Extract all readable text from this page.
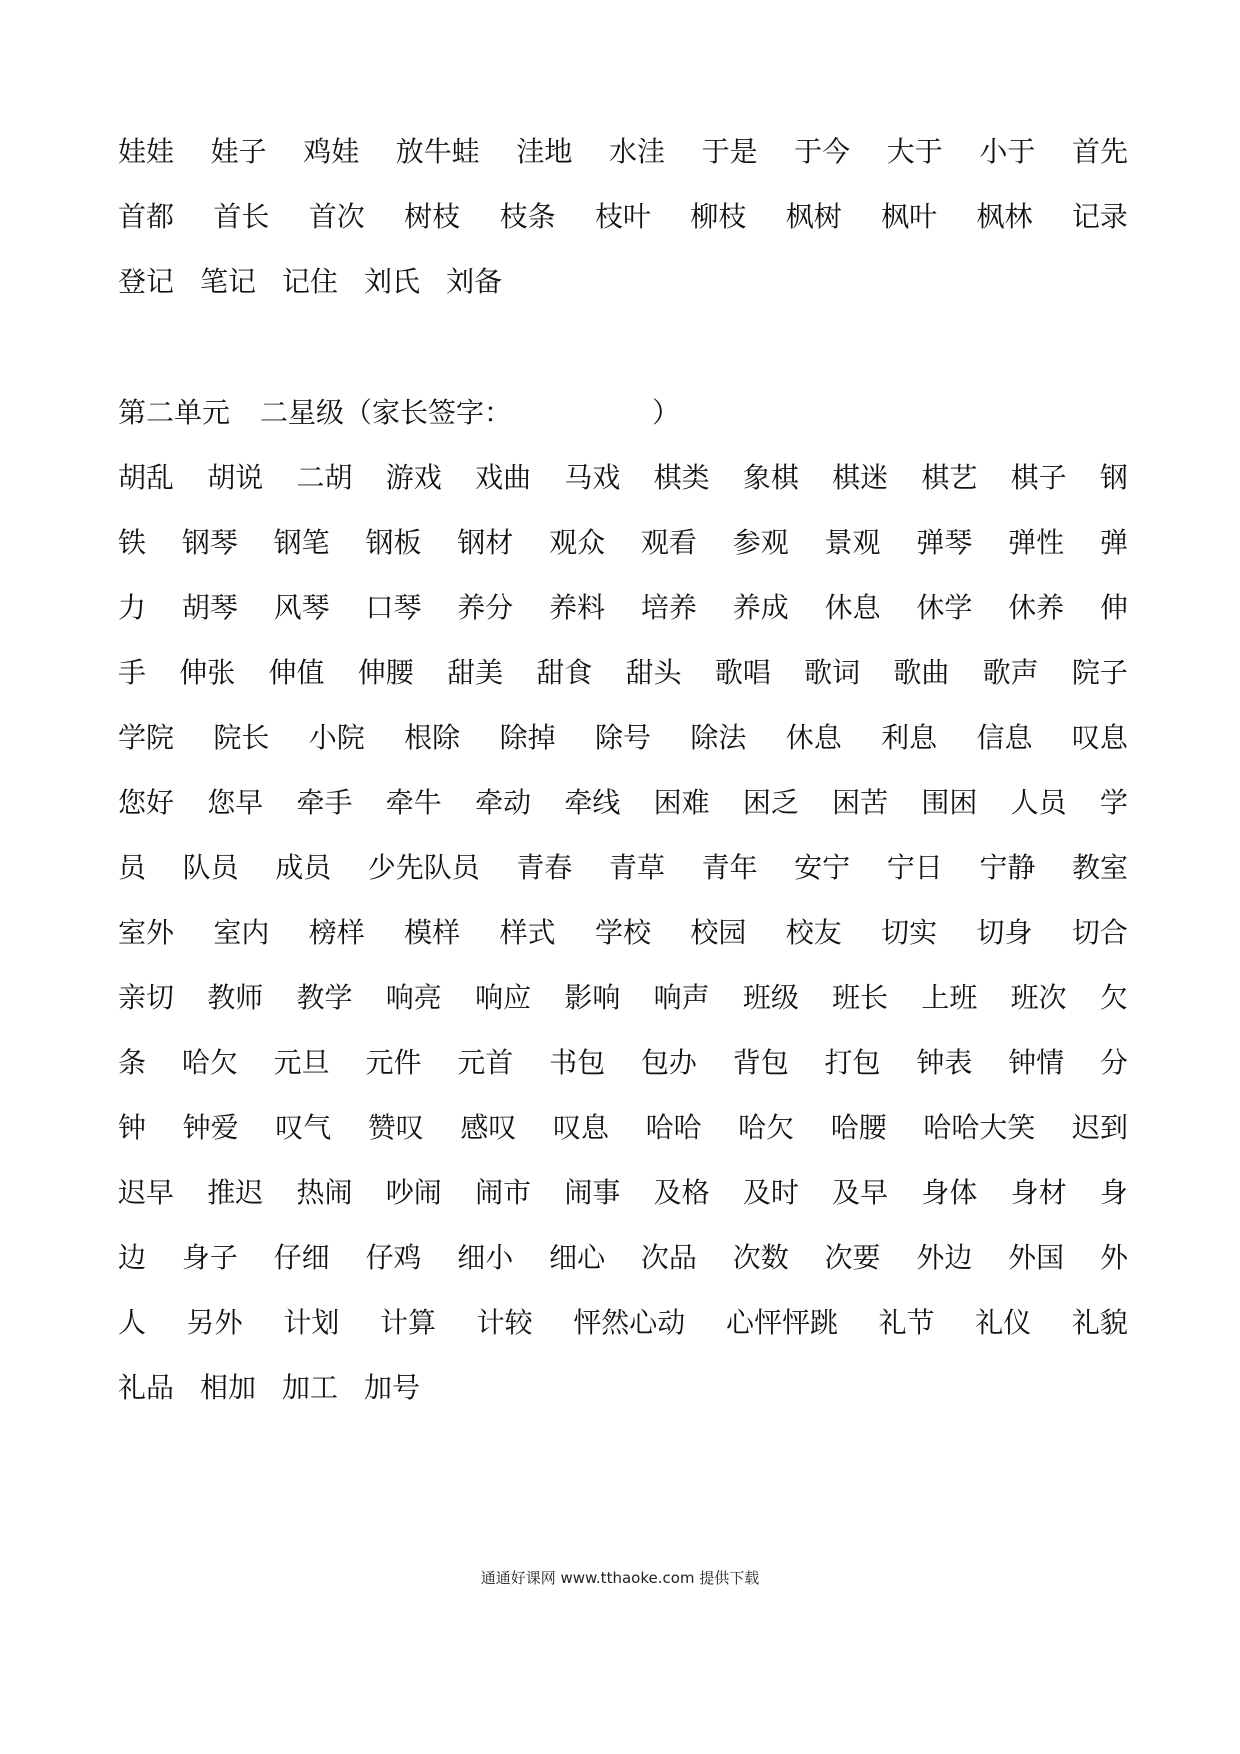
娃娃 娃子 鸡娃 放牛蛙 洼地 水洼 于是 于今 大于 小于 首先
首都 首长 首次 树枝 枝条 枝叶 柳枝 枫树 枫叶 枫林 记录
登记 笔记 记住 刘氏 刘备
第二单元 二星级（家长签字：	）
胡乱 胡说 二胡 游戏 戏曲 马戏 棋类 象棋 棋迷 棋艺 棋子 钢
铁 钢琴 钢笔 钢板 钢材 观众 观看 参观 景观 弹琴 弹性 弹
力 胡琴 风琴 口琴 养分 养料 培养 养成 休息 休学 休养 伸
手 伸张 伸值 伸腰 甜美 甜食 甜头 歌唱 歌词 歌曲 歌声 院子
学院 院长 小院 根除 除掉 除号 除法 休息 利息 信息 叹息
您好 您早 牵手 牵牛 牵动 牵线 困难 困乏 困苦 围困 人员 学
员 队员 成员 少先队员 青春 青草 青年 安宁 宁日 宁静 教室
室外 室内 榜样 模样 样式 学校 校园 校友 切实 切身 切合
亲切 教师 教学 响亮 响应 影响 响声 班级 班长 上班 班次 欠
条 哈欠 元旦 元件 元首 书包 包办 背包 打包 钟表 钟情 分
钟 钟爱 叹气 赞叹 感叹 叹息 哈哈 哈欠 哈腰 哈哈大笑 迟到
迟早 推迟 热闹 吵闹 闹市 闹事 及格 及时 及早 身体 身材 身
边 身子 仔细 仔鸡 细小 细心 次品 次数 次要 外边 外国 外
人 另外 计划 计算 计较 怦然心动 心怦怦跳 礼节 礼仪 礼貌
礼品 相加 加工 加号
通通好课网 www.tthaoke.com 提供下载
